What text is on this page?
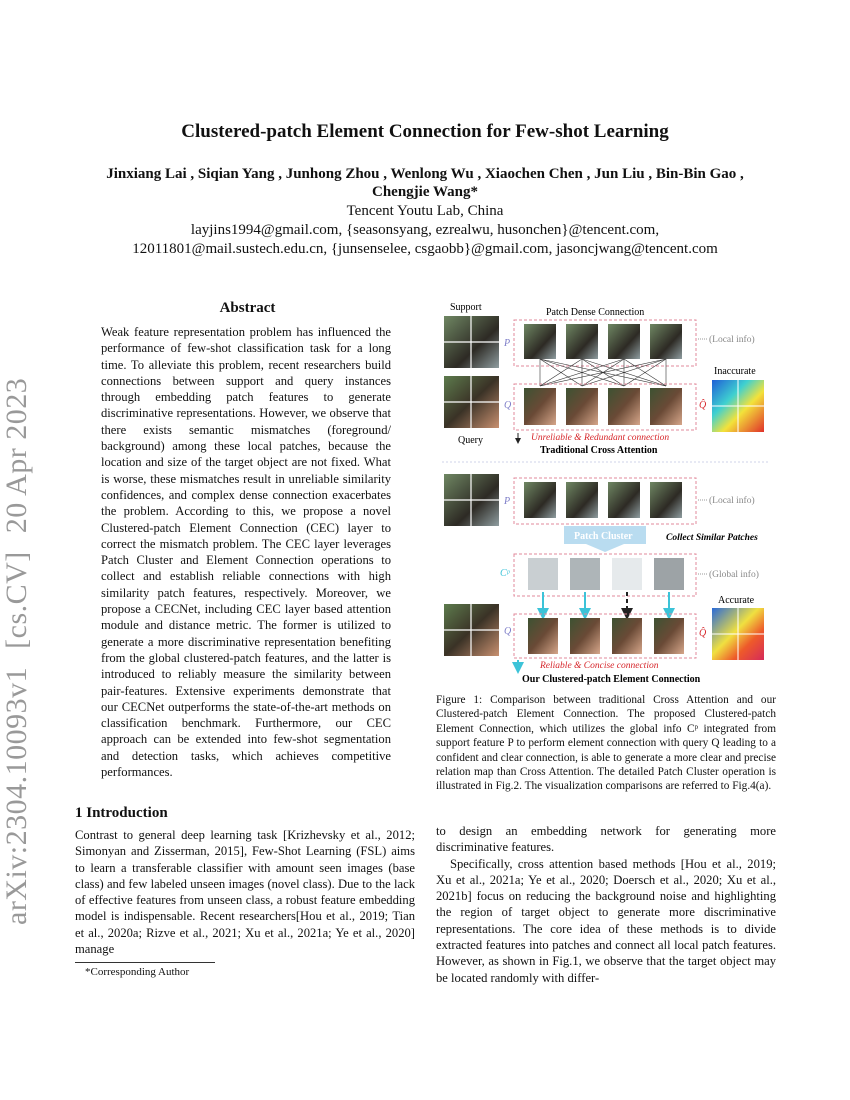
arXiv:2304.10093v1[cs.CV]20 Apr 2023
Clustered-patch Element Connection for Few-shot Learning
Jinxiang Lai , Siqian Yang , Junhong Zhou , Wenlong Wu , Xiaochen Chen , Jun Liu , Bin-Bin Gao , Chengjie Wang*
Tencent Youtu Lab, China
layjins1994@gmail.com, {seasonsyang, ezrealwu, husonchen}@tencent.com,
12011801@mail.sustech.edu.cn, {junsenselee, csgaobb}@gmail.com, jasoncjwang@tencent.com
Abstract
Weak feature representation problem has influenced the performance of few-shot classification task for a long time. To alleviate this problem, recent researchers build connections between support and query instances through embedding patch features to generate discriminative representations. However, we observe that there exists semantic mismatches (foreground/ background) among these local patches, because the location and size of the target object are not fixed. What is worse, these mismatches result in unreliable similarity confidences, and complex dense connection exacerbates the problem. According to this, we propose a novel Clustered-patch Element Connection (CEC) layer to correct the mismatch problem. The CEC layer leverages Patch Cluster and Element Connection operations to collect and establish reliable connections with high similarity patch features, respectively. Moreover, we propose a CECNet, including CEC layer based attention module and distance metric. The former is utilized to generate a more discriminative representation benefiting from the global clustered-patch features, and the latter is introduced to reliably measure the similarity between pair-features. Extensive experiments demonstrate that our CECNet outperforms the state-of-the-art methods on classification benchmark. Furthermore, our CEC approach can be extended into few-shot segmentation and detection tasks, which achieves competitive performances.
1 Introduction
Contrast to general deep learning task [Krizhevsky et al., 2012; Simonyan and Zisserman, 2015], Few-Shot Learning (FSL) aims to learn a transferable classifier with amount seen images (base class) and few labeled unseen images (novel class). Due to the lack of effective features from unseen class, a robust feature embedding model is indispensable. Recent researchers[Hou et al., 2019; Tian et al., 2020a; Rizve et al., 2021; Xu et al., 2021a; Ye et al., 2020] manage
*Corresponding Author
Support
P
Patch Dense Connection
(Local info)
Q	Q̂
Inaccurate
Query	Unreliable & Redundant connection
Traditional Cross Attention
P	(Local info)
Patch Cluster	Collect Similar Patches
Cᵖ	(Global info)
Q	Q̂
Accurate
Reliable & Concise connection
Our Clustered-patch Element Connection
Figure 1: Comparison between traditional Cross Attention and our Clustered-patch Element Connection. The proposed Clustered-patch Element Connection, which utilizes the global info Cᵖ integrated from support feature P to perform element connection with query Q leading to a confident and clear connection, is able to generate a more clear and precise relation map than Cross Attention. The detailed Patch Cluster operation is illustrated in Fig.2. The visualization comparisons are referred to Fig.4(a).

to design an embedding network for generating more discriminative features.

Specifically, cross attention based methods [Hou et al., 2019; Xu et al., 2021a; Ye et al., 2020; Doersch et al., 2020; Xu et al., 2021b] focus on reducing the background noise and highlighting the region of target object to generate more discriminative representations. The core idea of these methods is to divide extracted features into patches and connect all local patch features. However, as shown in Fig.1, we observe that the target object may be located randomly with differ-
